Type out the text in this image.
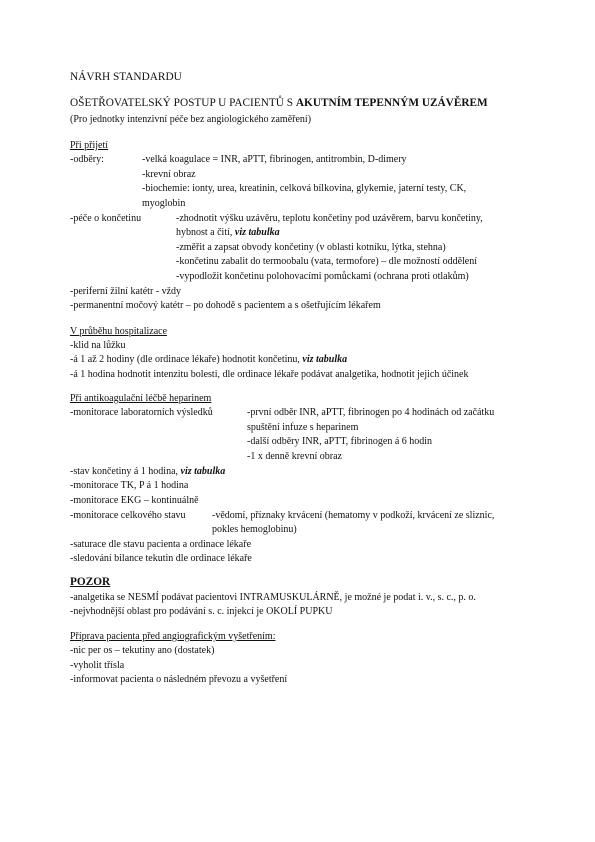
NÁVRH STANDARDU
OŠETŘOVATELSKÝ POSTUP U PACIENTŮ S AKUTNÍM TEPENNÝM UZÁVĚREM
(Pro jednotky intenzivní péče bez angiologického zaměření)
Při přijetí
-odběry:	-velká koagulace = INR, aPTT, fibrinogen, antitrombin, D-dimery
-krevní obraz
-biochemie: ionty, urea, kreatinin, celková bílkovina, glykemie, jaterní testy, CK,
myoglobin
-péče o končetinu	-zhodnotit výšku uzávěru, teplotu končetiny pod uzávěrem, barvu končetiny,
hybnost a čití, viz tabulka
-změřit a zapsat obvody končetiny (v oblasti kotníku, lýtka, stehna)
-končetinu zabalit do termoobalu (vata, termofore) – dle možností oddělení
-vypodložit končetinu polohovacími pomůckami (ochrana proti otlakům)
-periferní žilní katétr - vždy
-permanentní močový katétr – po dohodě s pacientem a s ošetřujícím lékařem
V průběhu hospitalizace
-klid na lůžku
-á 1 až 2 hodiny (dle ordinace lékaře) hodnotit končetinu, viz tabulka
-á 1 hodina hodnotit intenzitu bolesti, dle ordinace lékaře podávat analgetika, hodnotit jejich účinek
Při antikoagulační léčbě heparinem
-monitorace laboratorních výsledků	-první odběr INR, aPTT, fibrinogen po 4 hodinách od začátku
spuštění infuze s heparinem
-další odběry INR, aPTT, fibrinogen á 6 hodin
-1 x denně krevní obraz
-stav končetiny á 1 hodina, viz tabulka
-monitorace TK, P á 1 hodina
-monitorace EKG – kontinuálně
-monitorace celkového stavu	-vědomí, příznaky krvácení (hematomy v podkoží, krvácení ze sliznic,
pokles hemoglobinu)
-saturace dle stavu pacienta a ordinace lékaře
-sledování bilance tekutin dle ordinace lékaře
POZOR
-analgetika se NESMÍ podávat pacientovi INTRAMUSKULÁRNĚ, je možné je podat i. v., s. c., p. o.
-nejvhodnější oblast pro podávání s. c. injekcí je OKOLÍ PUPKU
Příprava pacienta před angiografickým vyšetřením:
-nic per os – tekutiny ano (dostatek)
-vyholit třísla
-informovat pacienta o následném převozu a vyšetření
